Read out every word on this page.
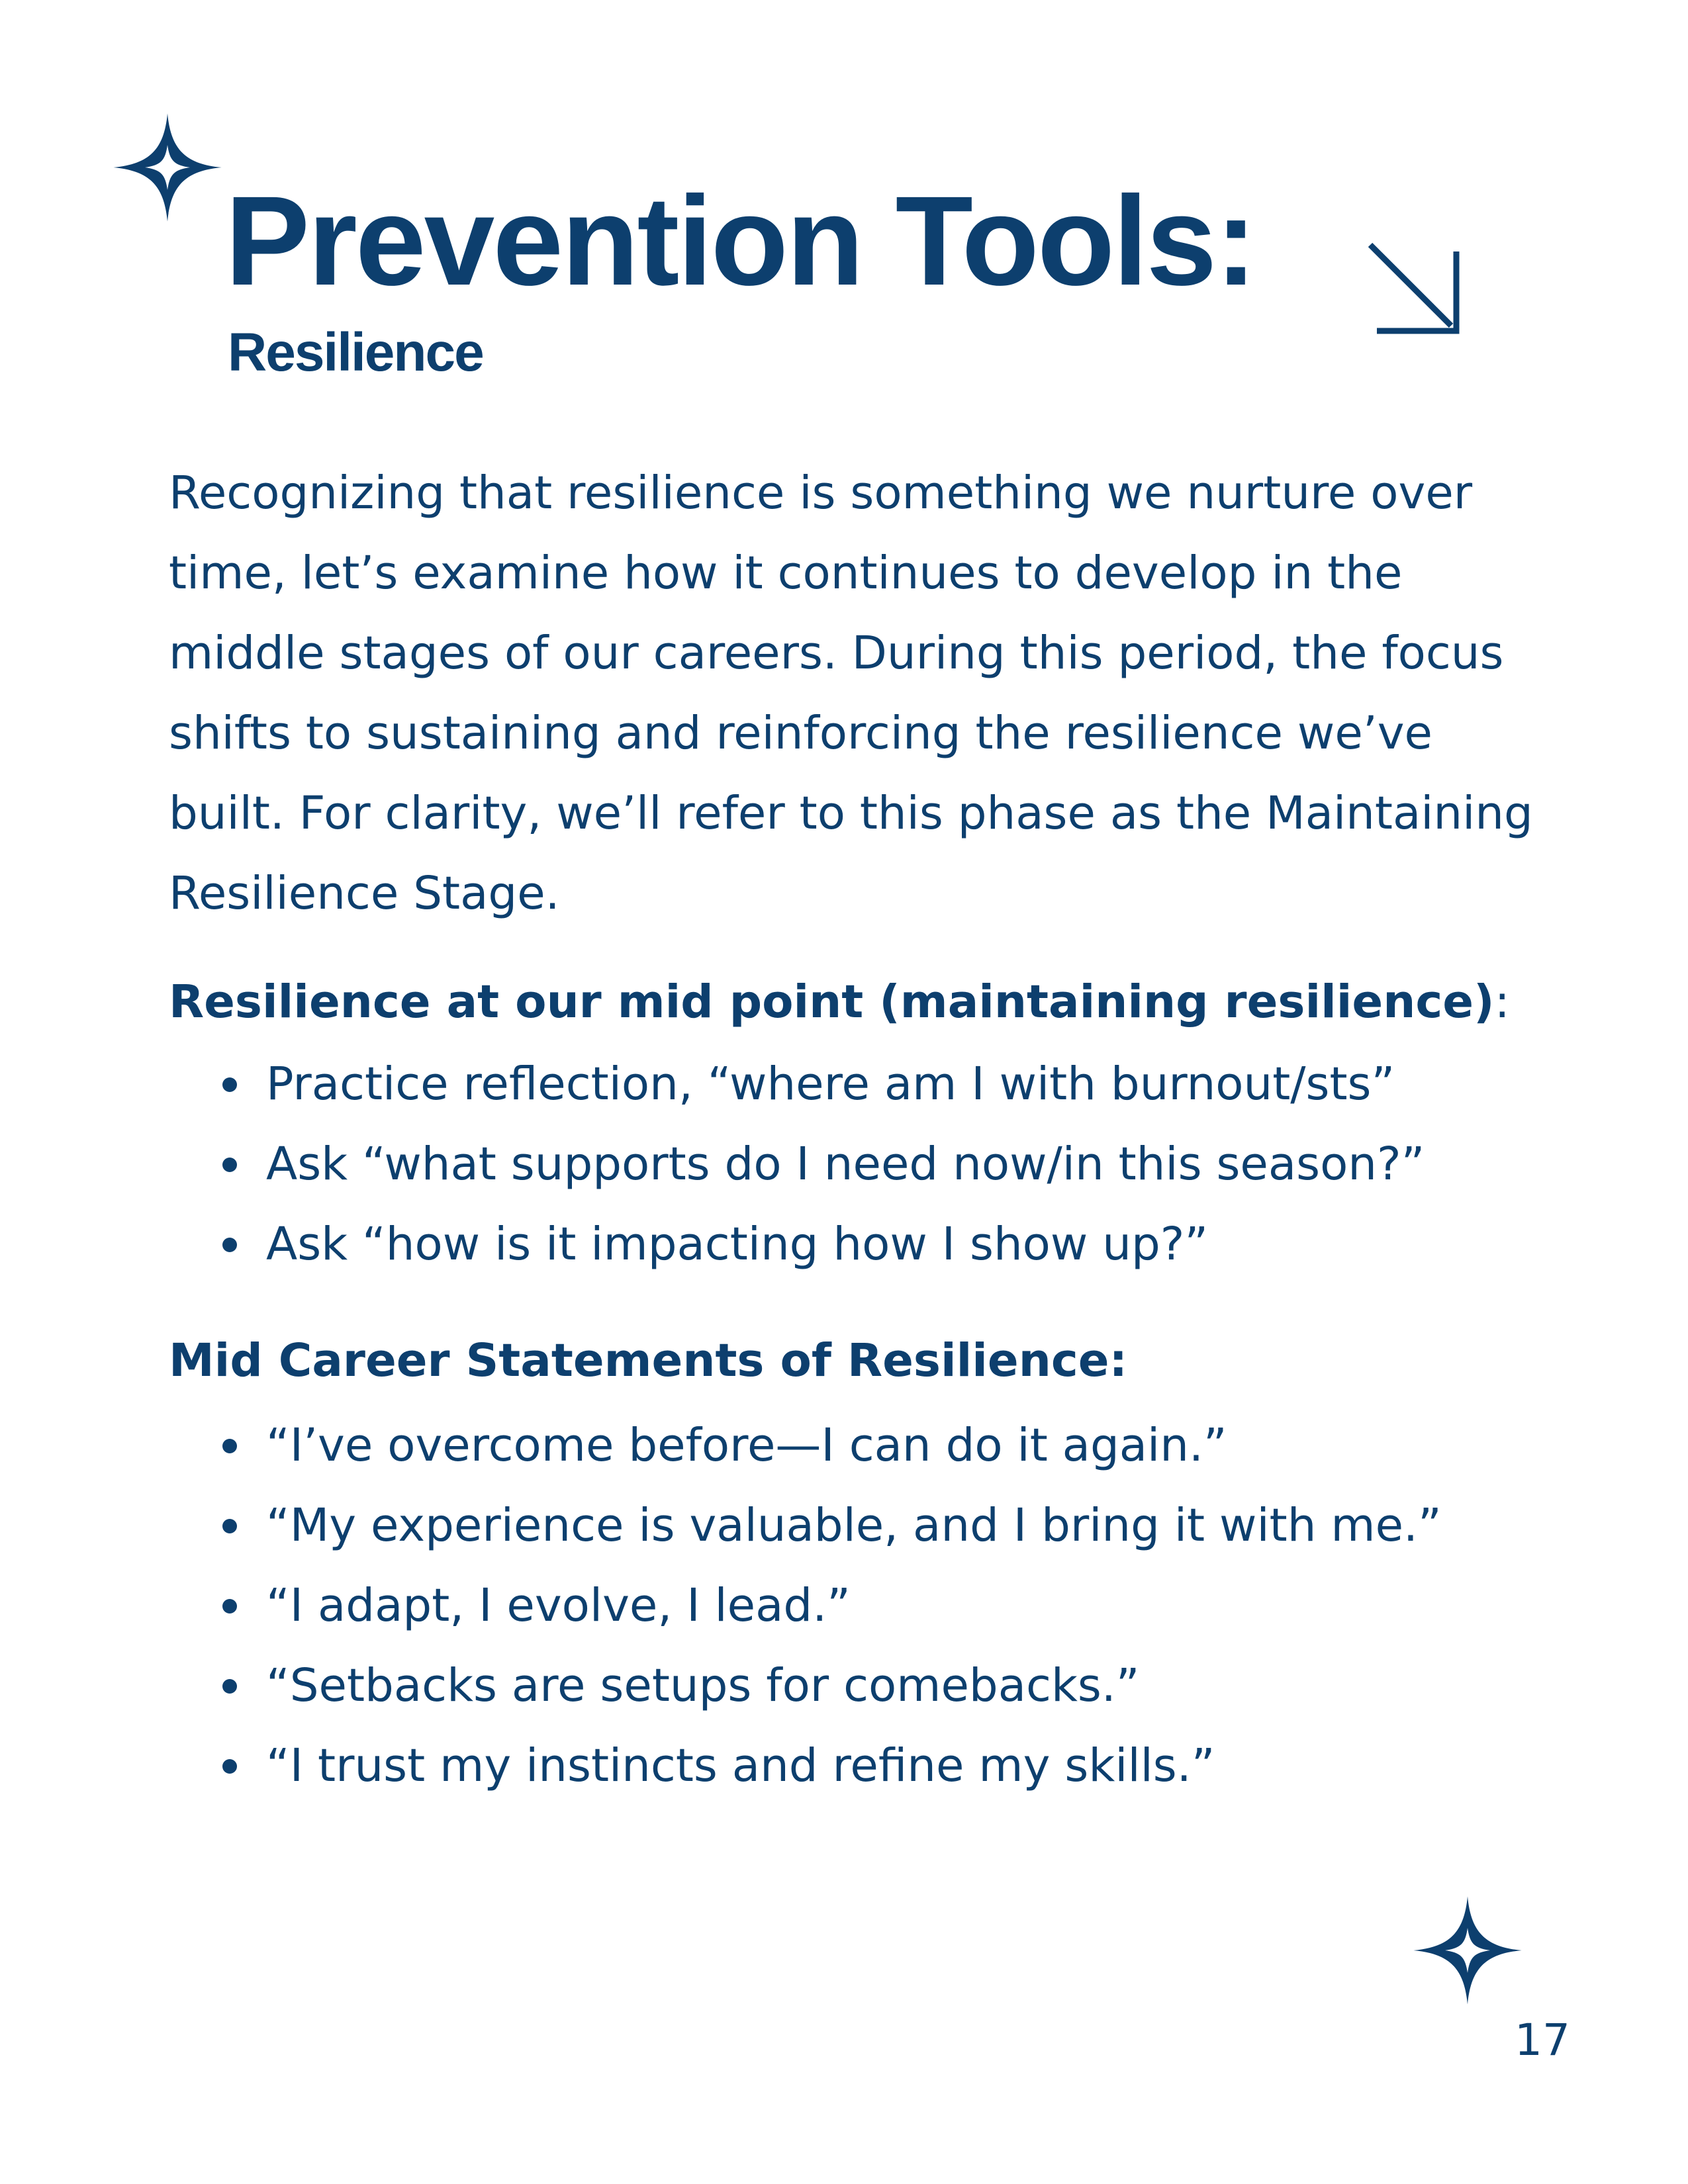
Prevention Tools:
Resilience

Recognizing that resilience is something we nurture over time, let’s examine how it continues to develop in the middle stages of our careers. During this period, the focus shifts to sustaining and reinforcing the resilience we’ve built. For clarity, we’ll refer to this phase as the Maintaining Resilience Stage.

Resilience at our mid point (maintaining resilience):

Practice reflection, “where am I with burnout/sts”
Ask “what supports do I need now/in this season?”
Ask “how is it impacting how I show up?”

Mid Career Statements of Resilience:

“I’ve overcome before—I can do it again.”
“My experience is valuable, and I bring it with me.”
“I adapt, I evolve, I lead.”
“Setbacks are setups for comebacks.”
“I trust my instincts and refine my skills.”

17
